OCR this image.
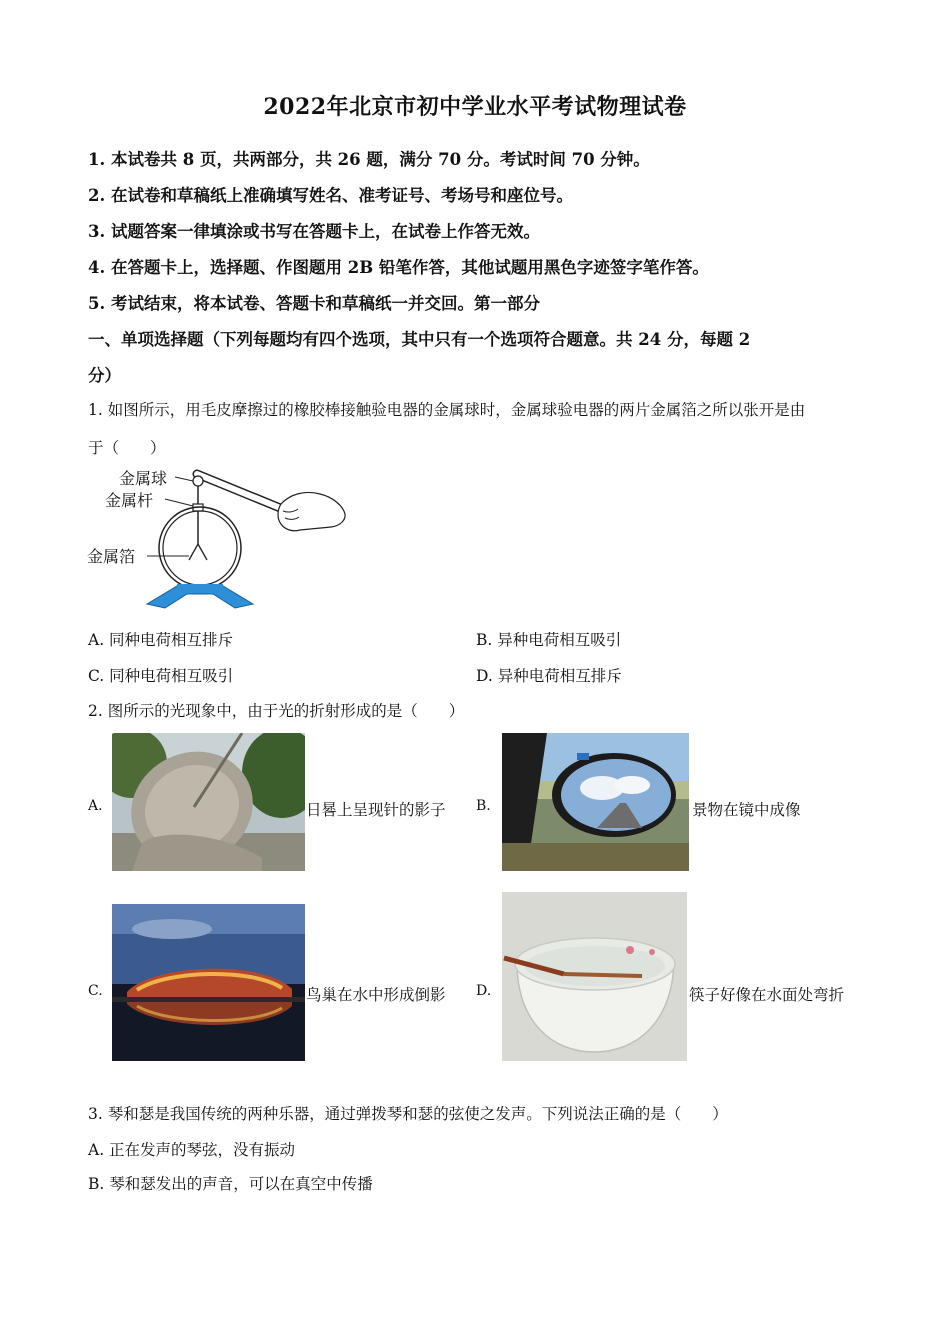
2022年北京市初中学业水平考试物理试卷
1. 本试卷共 8 页，共两部分，共 26 题，满分 70 分。考试时间 70 分钟。
2. 在试卷和草稿纸上准确填写姓名、准考证号、考场号和座位号。
3. 试题答案一律填涂或书写在答题卡上，在试卷上作答无效。
4. 在答题卡上，选择题、作图题用 2B 铅笔作答，其他试题用黑色字迹签字笔作答。
5. 考试结束，将本试卷、答题卡和草稿纸一并交回。第一部分
一、单项选择题（下列每题均有四个选项，其中只有一个选项符合题意。共 24 分，每题 2
分）
1. 如图所示，用毛皮摩擦过的橡胶棒接触验电器的金属球时，金属球验电器的两片金属箔之所以张开是由
于（　　）
金属球
金属杆
金属箔
A. 同种电荷相互排斥	B. 异种电荷相互吸引
C. 同种电荷相互吸引	D. 异种电荷相互排斥
2. 图所示的光现象中，由于光的折射形成的是（　　）
A.	日晷上呈现针的影子 B.	景物在镜中成像
C.	鸟巢在水中形成倒影 D.	筷子好像在水面处弯折
3. 琴和瑟是我国传统的两种乐器，通过弹拨琴和瑟的弦使之发声。下列说法正确的是（　　）
A. 正在发声的琴弦，没有振动
B. 琴和瑟发出的声音，可以在真空中传播
